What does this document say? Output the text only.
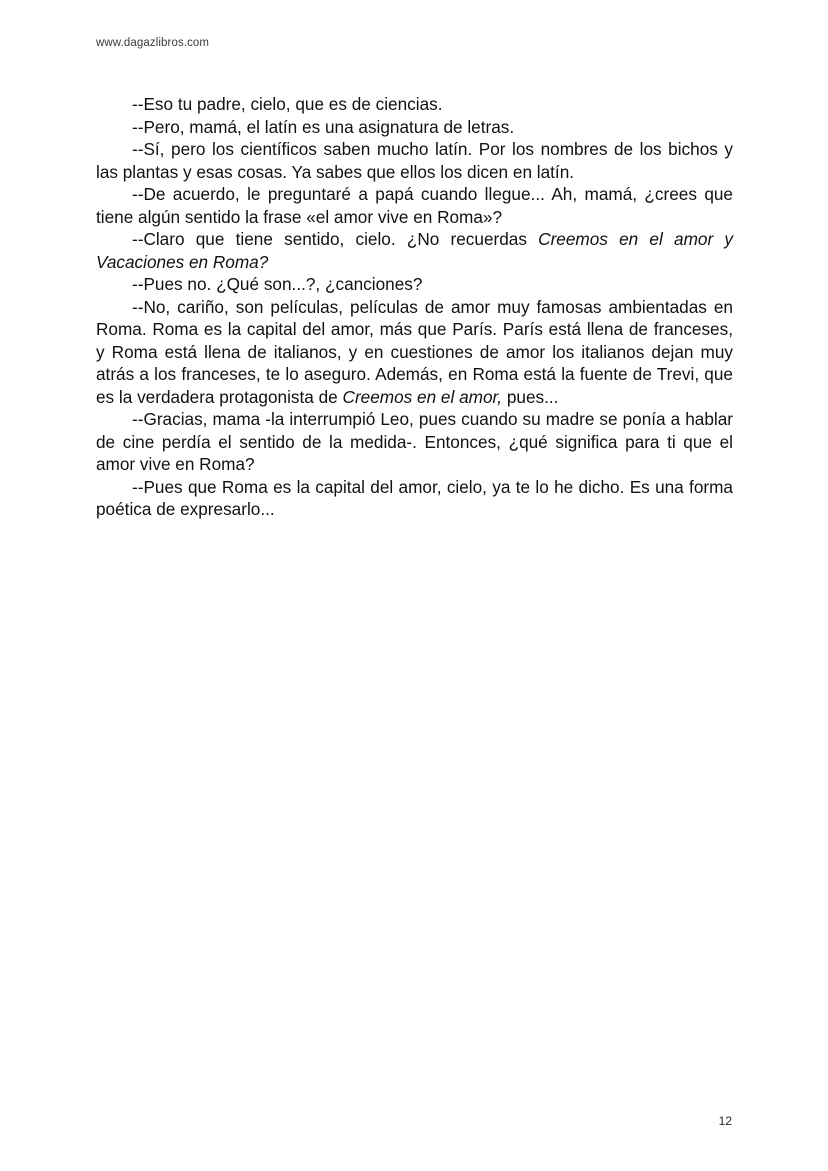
www.dagazlibros.com

--Eso tu padre, cielo, que es de ciencias.

--Pero, mamá, el latín es una asignatura de letras.

--Sí, pero los científicos saben mucho latín. Por los nombres de los bichos y las plantas y esas cosas. Ya sabes que ellos los dicen en latín.

--De acuerdo, le preguntaré a papá cuando llegue... Ah, mamá, ¿crees que tiene algún sentido la frase «el amor vive en Roma»?

--Claro que tiene sentido, cielo. ¿No recuerdas Creemos en el amor y Vacaciones en Roma?

--Pues no. ¿Qué son...?, ¿canciones?

--No, cariño, son películas, películas de amor muy famosas ambientadas en Roma. Roma es la capital del amor, más que París. París está llena de franceses, y Roma está llena de italianos, y en cuestiones de amor los italianos dejan muy atrás a los franceses, te lo aseguro. Además, en Roma está la fuente de Trevi, que es la verdadera protagonista de Creemos en el amor, pues...

--Gracias, mama -la interrumpió Leo, pues cuando su madre se ponía a hablar de cine perdía el sentido de la medida-. Entonces, ¿qué significa para ti que el amor vive en Roma?

--Pues que Roma es la capital del amor, cielo, ya te lo he dicho. Es una forma poética de expresarlo...

12
